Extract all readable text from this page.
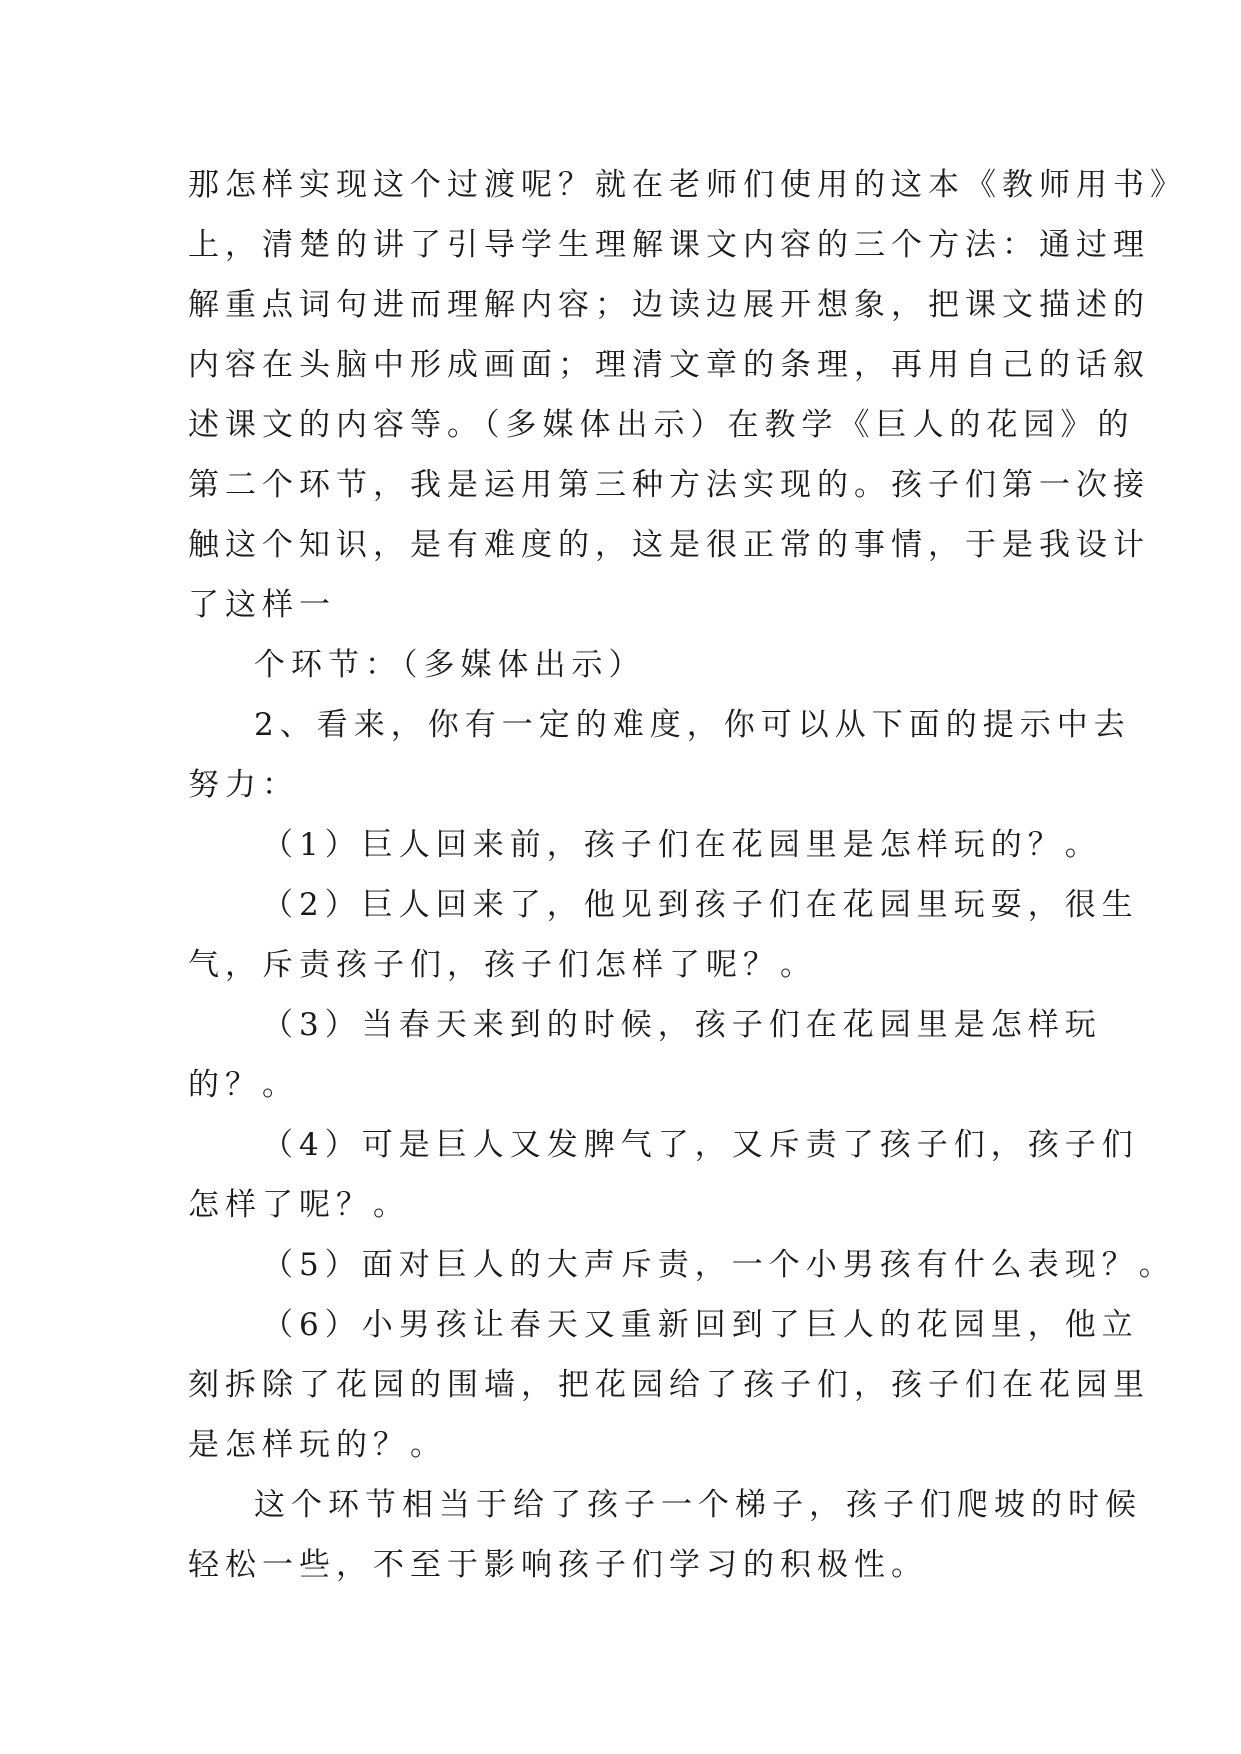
那怎样实现这个过渡呢？就在老师们使用的这本《教师用书》

上，清楚的讲了引导学生理解课文内容的三个方法：通过理

解重点词句进而理解内容；边读边展开想象，把课文描述的

内容在头脑中形成画面；理清文章的条理，再用自己的话叙

述课文的内容等。（多媒体出示）在教学《巨人的花园》的

第二个环节，我是运用第三种方法实现的。孩子们第一次接

触这个知识，是有难度的，这是很正常的事情，于是我设计

了这样一

个环节：（多媒体出示）

2、看来，你有一定的难度，你可以从下面的提示中去

努力：

（1）巨人回来前，孩子们在花园里是怎样玩的？。

（2）巨人回来了，他见到孩子们在花园里玩耍，很生

气，斥责孩子们，孩子们怎样了呢？。

（3）当春天来到的时候，孩子们在花园里是怎样玩

的？。

（4）可是巨人又发脾气了，又斥责了孩子们，孩子们

怎样了呢？。

（5）面对巨人的大声斥责，一个小男孩有什么表现？。

（6）小男孩让春天又重新回到了巨人的花园里，他立

刻拆除了花园的围墙，把花园给了孩子们，孩子们在花园里

是怎样玩的？。

这个环节相当于给了孩子一个梯子，孩子们爬坡的时候

轻松一些，不至于影响孩子们学习的积极性。
